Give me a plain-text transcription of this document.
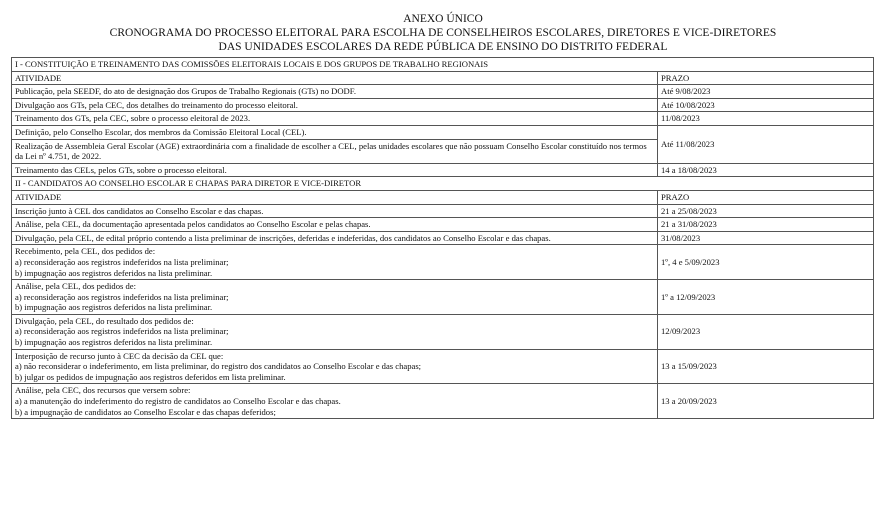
ANEXO ÚNICO
CRONOGRAMA DO PROCESSO ELEITORAL PARA ESCOLHA DE CONSELHEIROS ESCOLARES, DIRETORES E VICE-DIRETORES
DAS UNIDADES ESCOLARES DA REDE PÚBLICA DE ENSINO DO DISTRITO FEDERAL
I - CONSTITUIÇÃO E TREINAMENTO DAS COMISSÕES ELEITORAIS LOCAIS E DOS GRUPOS DE TRABALHO REGIONAIS	
ATIVIDADE	PRAZO
Publicação, pela SEEDF, do ato de designação dos Grupos de Trabalho Regionais (GTs) no DODF.	Até 9/08/2023
Divulgação aos GTs, pela CEC, dos detalhes do treinamento do processo eleitoral.	Até 10/08/2023
Treinamento dos GTs, pela CEC, sobre o processo eleitoral de 2023.	11/08/2023
Definição, pelo Conselho Escolar, dos membros da Comissão Eleitoral Local (CEL).	Até 11/08/2023
Realização de Assembleia Geral Escolar (AGE) extraordinária com a finalidade de escolher a CEL, pelas unidades escolares que não possuam Conselho Escolar constituído nos termos da Lei nº 4.751, de 2022.	
Treinamento das CELs, pelos GTs, sobre o processo eleitoral.	14 a 18/08/2023
II - CANDIDATOS AO CONSELHO ESCOLAR E CHAPAS PARA DIRETOR E VICE-DIRETOR	
ATIVIDADE	PRAZO
Inscrição junto à CEL dos candidatos ao Conselho Escolar e das chapas.	21 a 25/08/2023
Análise, pela CEL, da documentação apresentada pelos candidatos ao Conselho Escolar e pelas chapas.	21 a 31/08/2023
Divulgação, pela CEL, de edital próprio contendo a lista preliminar de inscrições, deferidas e indeferidas, dos candidatos ao Conselho Escolar e das chapas.	31/08/2023
Recebimento, pela CEL, dos pedidos de:
a) reconsideração aos registros indeferidos na lista preliminar;
b) impugnação aos registros deferidos na lista preliminar.	1º, 4 e 5/09/2023
Análise, pela CEL, dos pedidos de:
a) reconsideração aos registros indeferidos na lista preliminar;
b) impugnação aos registros deferidos na lista preliminar.	1º a 12/09/2023
Divulgação, pela CEL, do resultado dos pedidos de:
a) reconsideração aos registros indeferidos na lista preliminar;
b) impugnação aos registros deferidos na lista preliminar.	12/09/2023
Interposição de recurso junto à CEC da decisão da CEL que:
a) não reconsiderar o indeferimento, em lista preliminar, do registro dos candidatos ao Conselho Escolar e das chapas;
b) julgar os pedidos de impugnação aos registros deferidos em lista preliminar.	13 a 15/09/2023
Análise, pela CEC, dos recursos que versem sobre:
a) a manutenção do indeferimento do registro de candidatos ao Conselho Escolar e das chapas.
b) a impugnação de candidatos ao Conselho Escolar e das chapas deferidos;	13 a 20/09/2023
